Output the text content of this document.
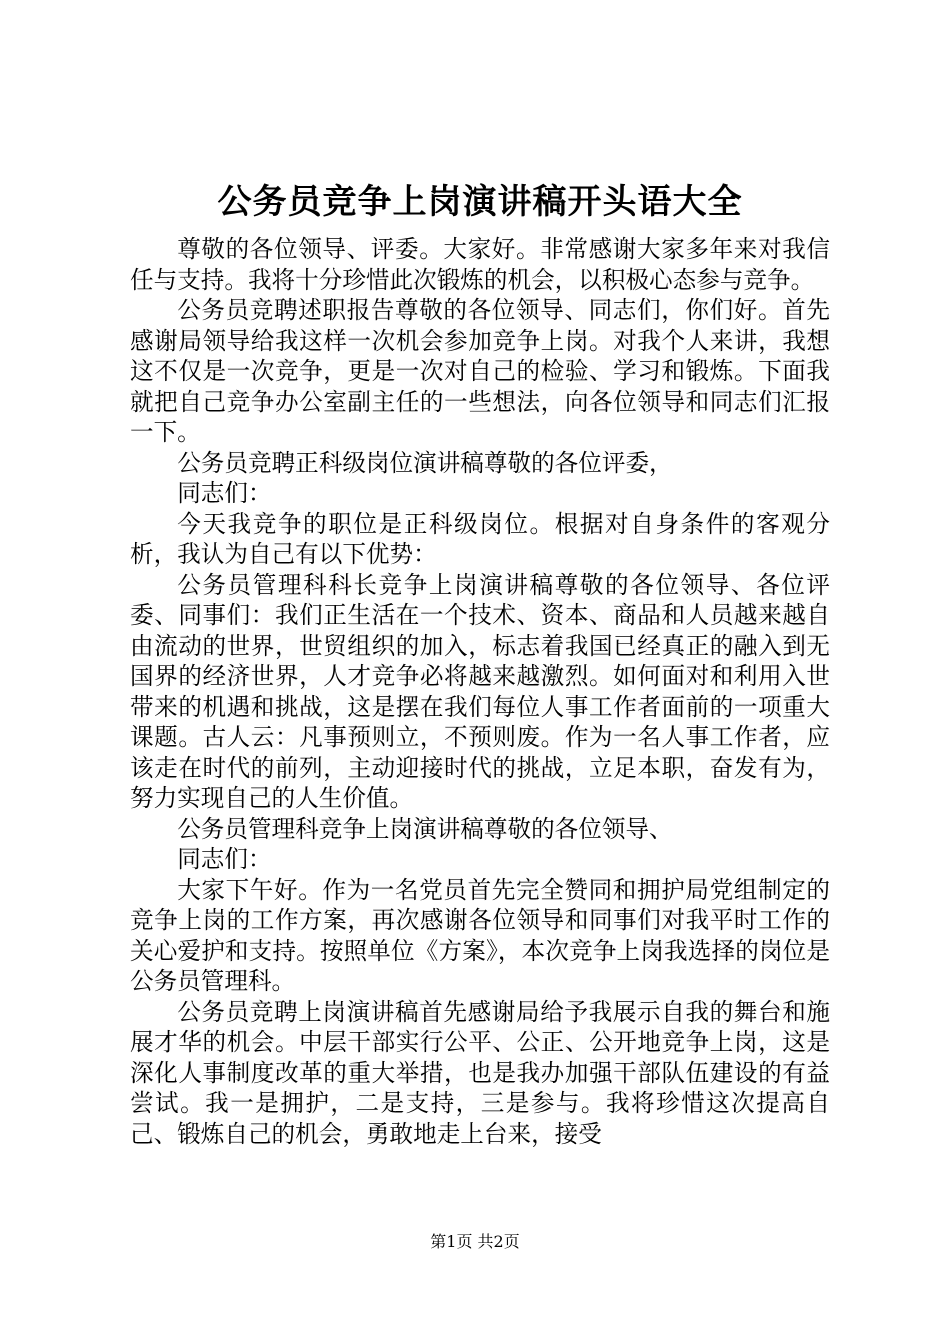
公务员竞争上岗演讲稿开头语大全

尊敬的各位领导、评委。大家好。非常感谢大家多年来对我信任与支持。我将十分珍惜此次锻炼的机会，以积极心态参与竞争。

公务员竞聘述职报告尊敬的各位领导、同志们，你们好。首先感谢局领导给我这样一次机会参加竞争上岗。对我个人来讲，我想这不仅是一次竞争，更是一次对自己的检验、学习和锻炼。下面我就把自己竞争办公室副主任的一些想法，向各位领导和同志们汇报一下。

公务员竞聘正科级岗位演讲稿尊敬的各位评委，

同志们：

今天我竞争的职位是正科级岗位。根据对自身条件的客观分析，我认为自己有以下优势：

公务员管理科科长竞争上岗演讲稿尊敬的各位领导、各位评委、同事们：我们正生活在一个技术、资本、商品和人员越来越自由流动的世界，世贸组织的加入，标志着我国已经真正的融入到无国界的经济世界，人才竞争必将越来越激烈。如何面对和利用入世带来的机遇和挑战，这是摆在我们每位人事工作者面前的一项重大课题。古人云：凡事预则立，不预则废。作为一名人事工作者，应该走在时代的前列，主动迎接时代的挑战，立足本职，奋发有为，努力实现自己的人生价值。

公务员管理科竞争上岗演讲稿尊敬的各位领导、

同志们：

大家下午好。作为一名党员首先完全赞同和拥护局党组制定的竞争上岗的工作方案，再次感谢各位领导和同事们对我平时工作的关心爱护和支持。按照单位《方案》，本次竞争上岗我选择的岗位是公务员管理科。

公务员竞聘上岗演讲稿首先感谢局给予我展示自我的舞台和施展才华的机会。中层干部实行公平、公正、公开地竞争上岗，这是深化人事制度改革的重大举措，也是我办加强干部队伍建设的有益尝试。我一是拥护，二是支持，三是参与。我将珍惜这次提高自己、锻炼自己的机会，勇敢地走上台来，接受

第1页 共2页
